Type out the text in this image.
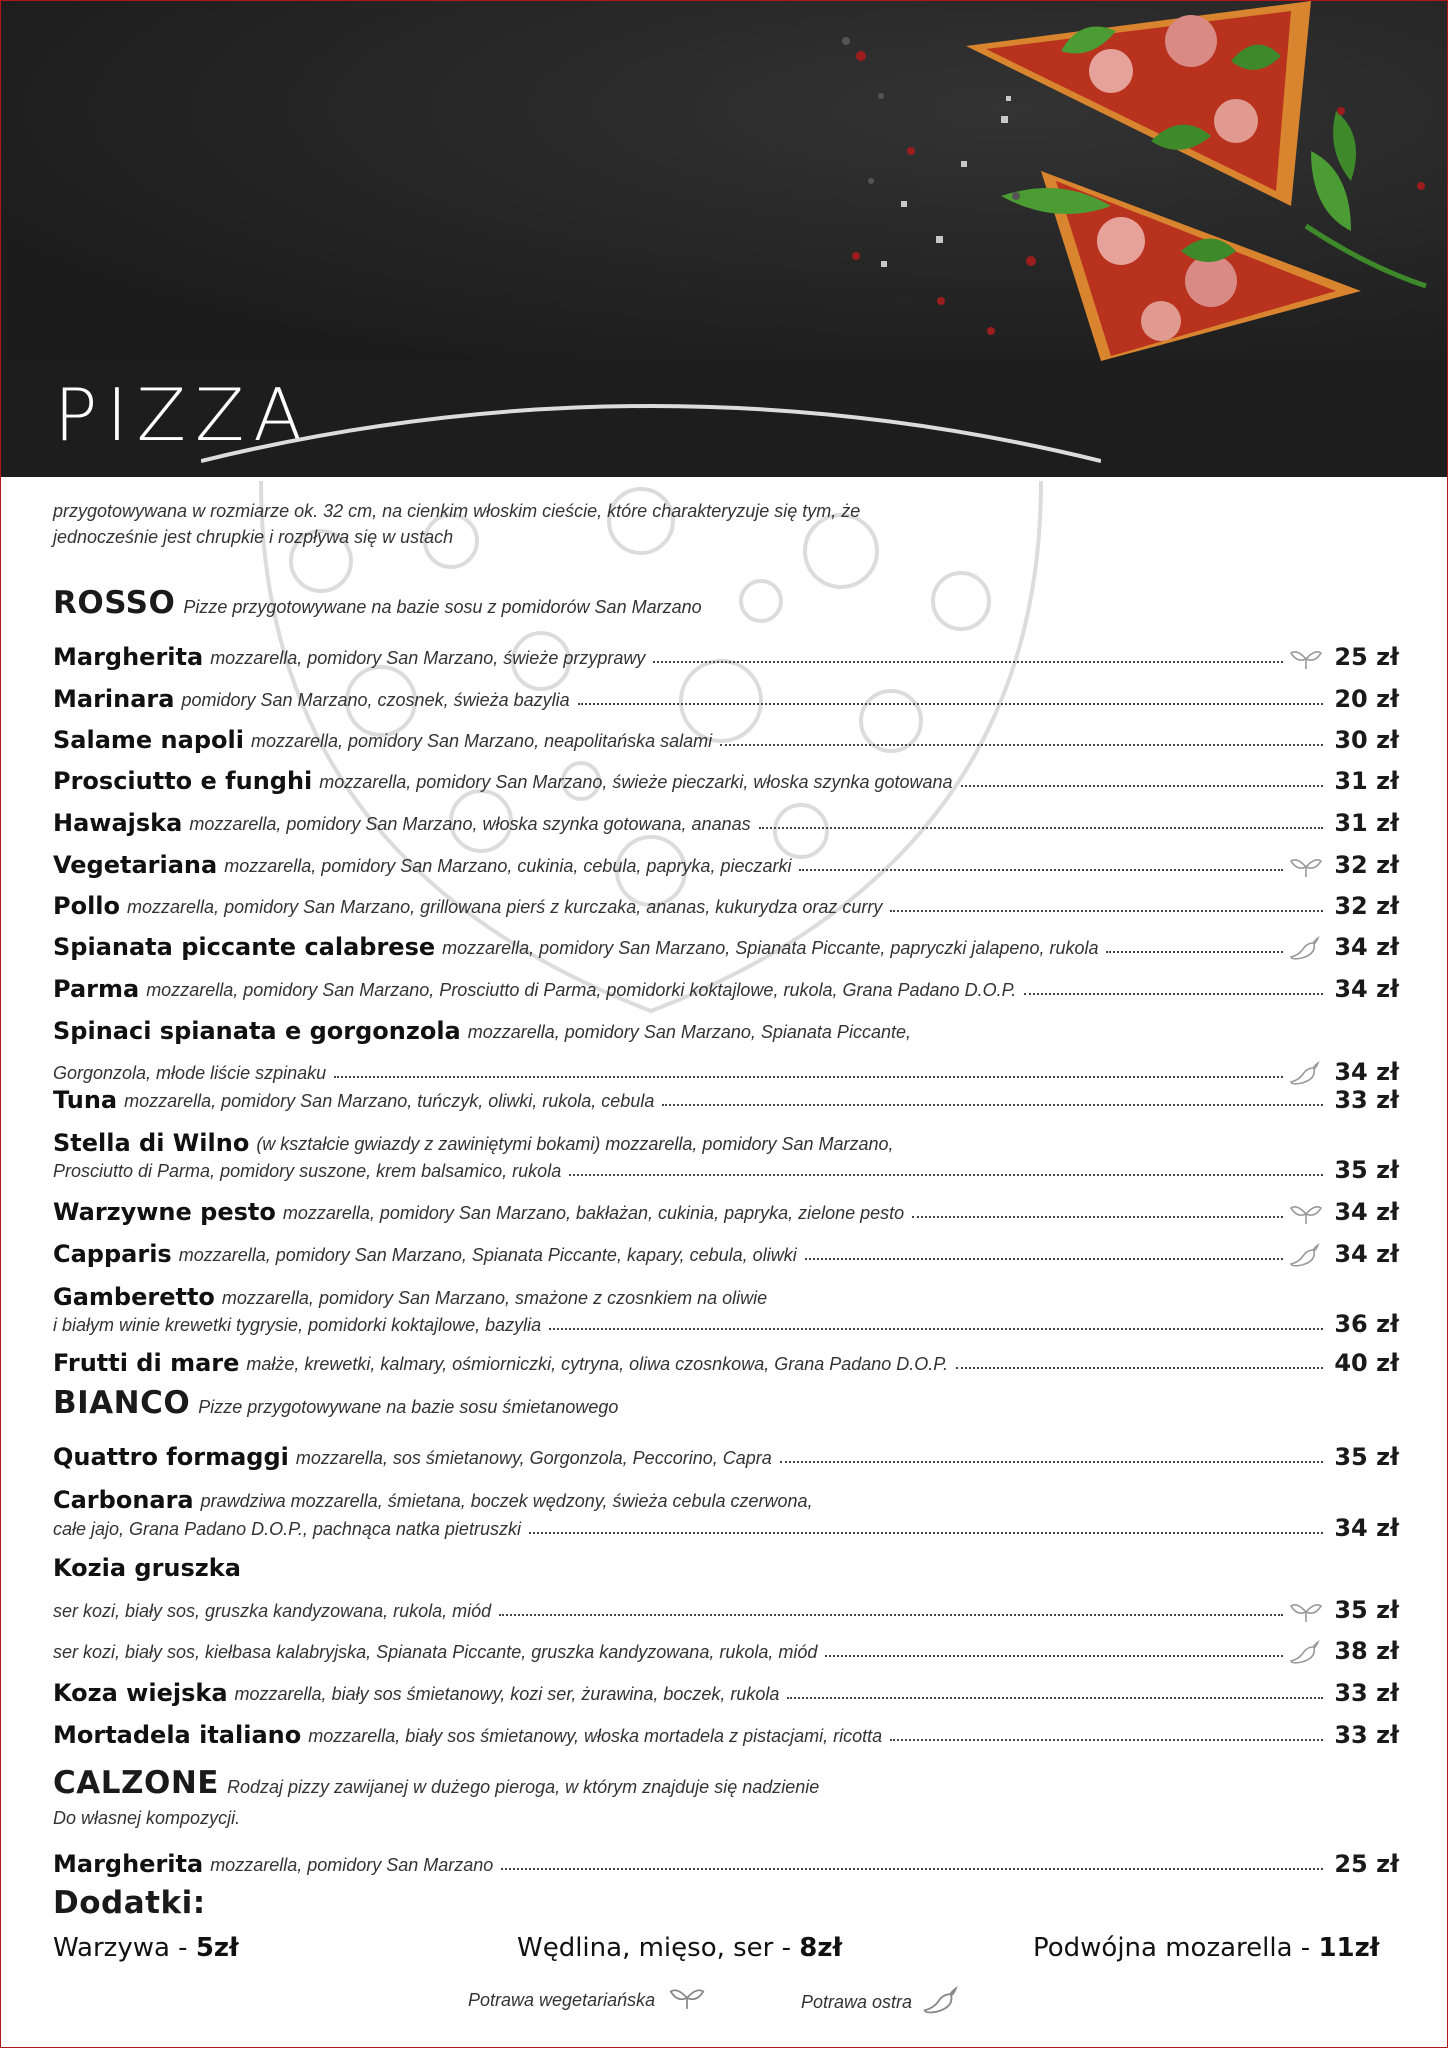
PIZZA
przygotowywana w rozmiarze ok. 32 cm, na cienkim włoskim cieście, które charakteryzuje się tym, że
jednocześnie jest chrupkie i rozpływa się w ustach
ROSSO Pizze przygotowywane na bazie sosu z pomidorów San Marzano
Margherita mozzarella, pomidory San Marzano, świeże przyprawy	25 zł
Marinara pomidory San Marzano, czosnek, świeża bazylia	20 zł
Salame napoli mozzarella, pomidory San Marzano, neapolitańska salami	30 zł
Prosciutto e funghi mozzarella, pomidory San Marzano, świeże pieczarki, włoska szynka gotowana	31 zł
Hawajska mozzarella, pomidory San Marzano, włoska szynka gotowana, ananas	31 zł
Vegetariana mozzarella, pomidory San Marzano, cukinia, cebula, papryka, pieczarki	32 zł
Pollo mozzarella, pomidory San Marzano, grillowana pierś z kurczaka, ananas, kukurydza oraz curry	32 zł
Spianata piccante calabrese mozzarella, pomidory San Marzano, Spianata Piccante, papryczki jalapeno, rukola	34 zł
Parma mozzarella, pomidory San Marzano, Prosciutto di Parma, pomidorki koktajlowe, rukola, Grana Padano D.O.P.	34 zł
Spinaci spianata e gorgonzola mozzarella, pomidory San Marzano, Spianata Piccante,
Gorgonzola, młode liście szpinaku	34 zł
Tuna mozzarella, pomidory San Marzano, tuńczyk, oliwki, rukola, cebula	33 zł
Stella di Wilno (w kształcie gwiazdy z zawiniętymi bokami) mozzarella, pomidory San Marzano,
Prosciutto di Parma, pomidory suszone, krem balsamico, rukola	35 zł
Warzywne pesto mozzarella, pomidory San Marzano, bakłażan, cukinia, papryka, zielone pesto	34 zł
Capparis mozzarella, pomidory San Marzano, Spianata Piccante, kapary, cebula, oliwki	34 zł
Gamberetto mozzarella, pomidory San Marzano, smażone z czosnkiem na oliwie
i białym winie krewetki tygrysie, pomidorki koktajlowe, bazylia	36 zł
Frutti di mare małże, krewetki, kalmary, ośmiorniczki, cytryna, oliwa czosnkowa, Grana Padano D.O.P.	40 zł
BIANCO Pizze przygotowywane na bazie sosu śmietanowego
Quattro formaggi mozzarella, sos śmietanowy, Gorgonzola, Peccorino, Capra	35 zł
Carbonara prawdziwa mozzarella, śmietana, boczek wędzony, świeża cebula czerwona,
całe jajo, Grana Padano D.O.P., pachnąca natka pietruszki	34 zł
Kozia gruszka
ser kozi, biały sos, gruszka kandyzowana, rukola, miód	35 zł
ser kozi, biały sos, kiełbasa kalabryjska, Spianata Piccante, gruszka kandyzowana, rukola, miód	38 zł
Koza wiejska mozzarella, biały sos śmietanowy, kozi ser, żurawina, boczek, rukola	33 zł
Mortadela italiano mozzarella, biały sos śmietanowy, włoska mortadela z pistacjami, ricotta	33 zł
CALZONE Rodzaj pizzy zawijanej w dużego pieroga, w którym znajduje się nadzienie
Do własnej kompozycji.
Margherita mozzarella, pomidory San Marzano	25 zł
Dodatki:
Warzywa - 5zł	Wędlina, mięso, ser - 8zł	Podwójna mozarella - 11zł
Potrawa wegetariańska	Potrawa ostra
